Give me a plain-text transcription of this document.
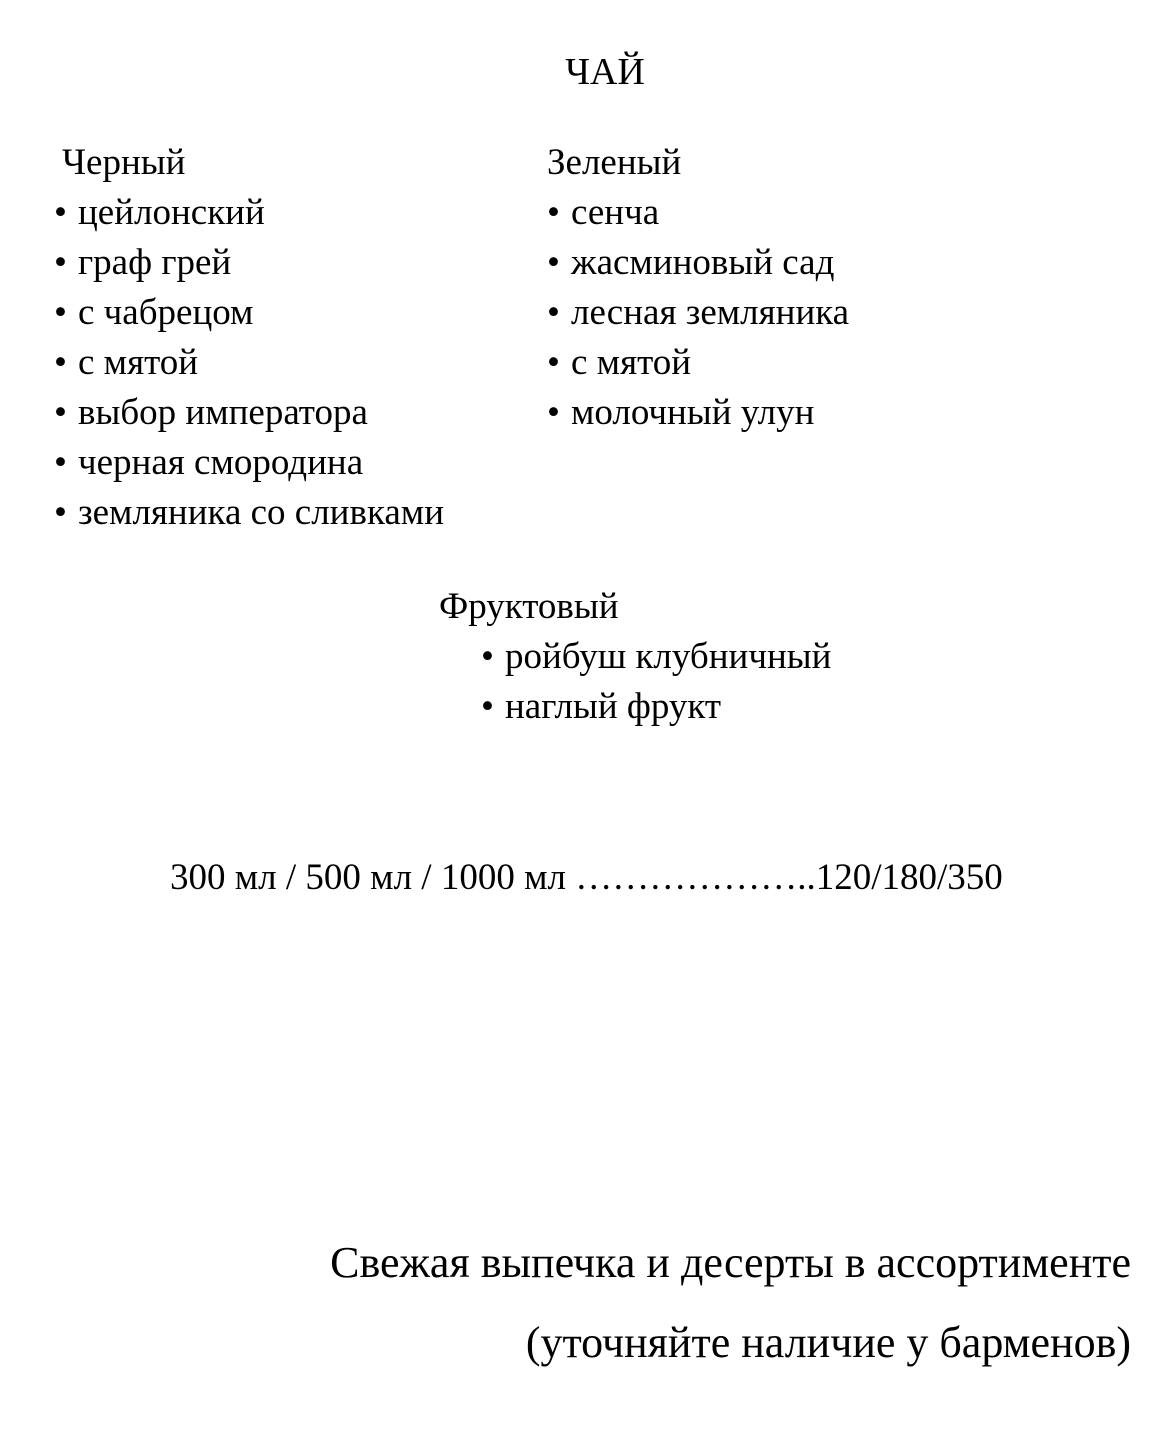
ЧАЙ
Черный
• цейлонский
• граф грей
• с чабрецом
• с мятой
• выбор императора
• черная смородина
• земляника со сливками
Зеленый
• сенча
• жасминовый сад
• лесная земляника
• с мятой
• молочный улун
Фруктовый
• ройбуш клубничный
• наглый фрукт
300 мл / 500 мл / 1000 мл ………………..120/180/350
Свежая выпечка и десерты в ассортименте
(уточняйте наличие у барменов)
